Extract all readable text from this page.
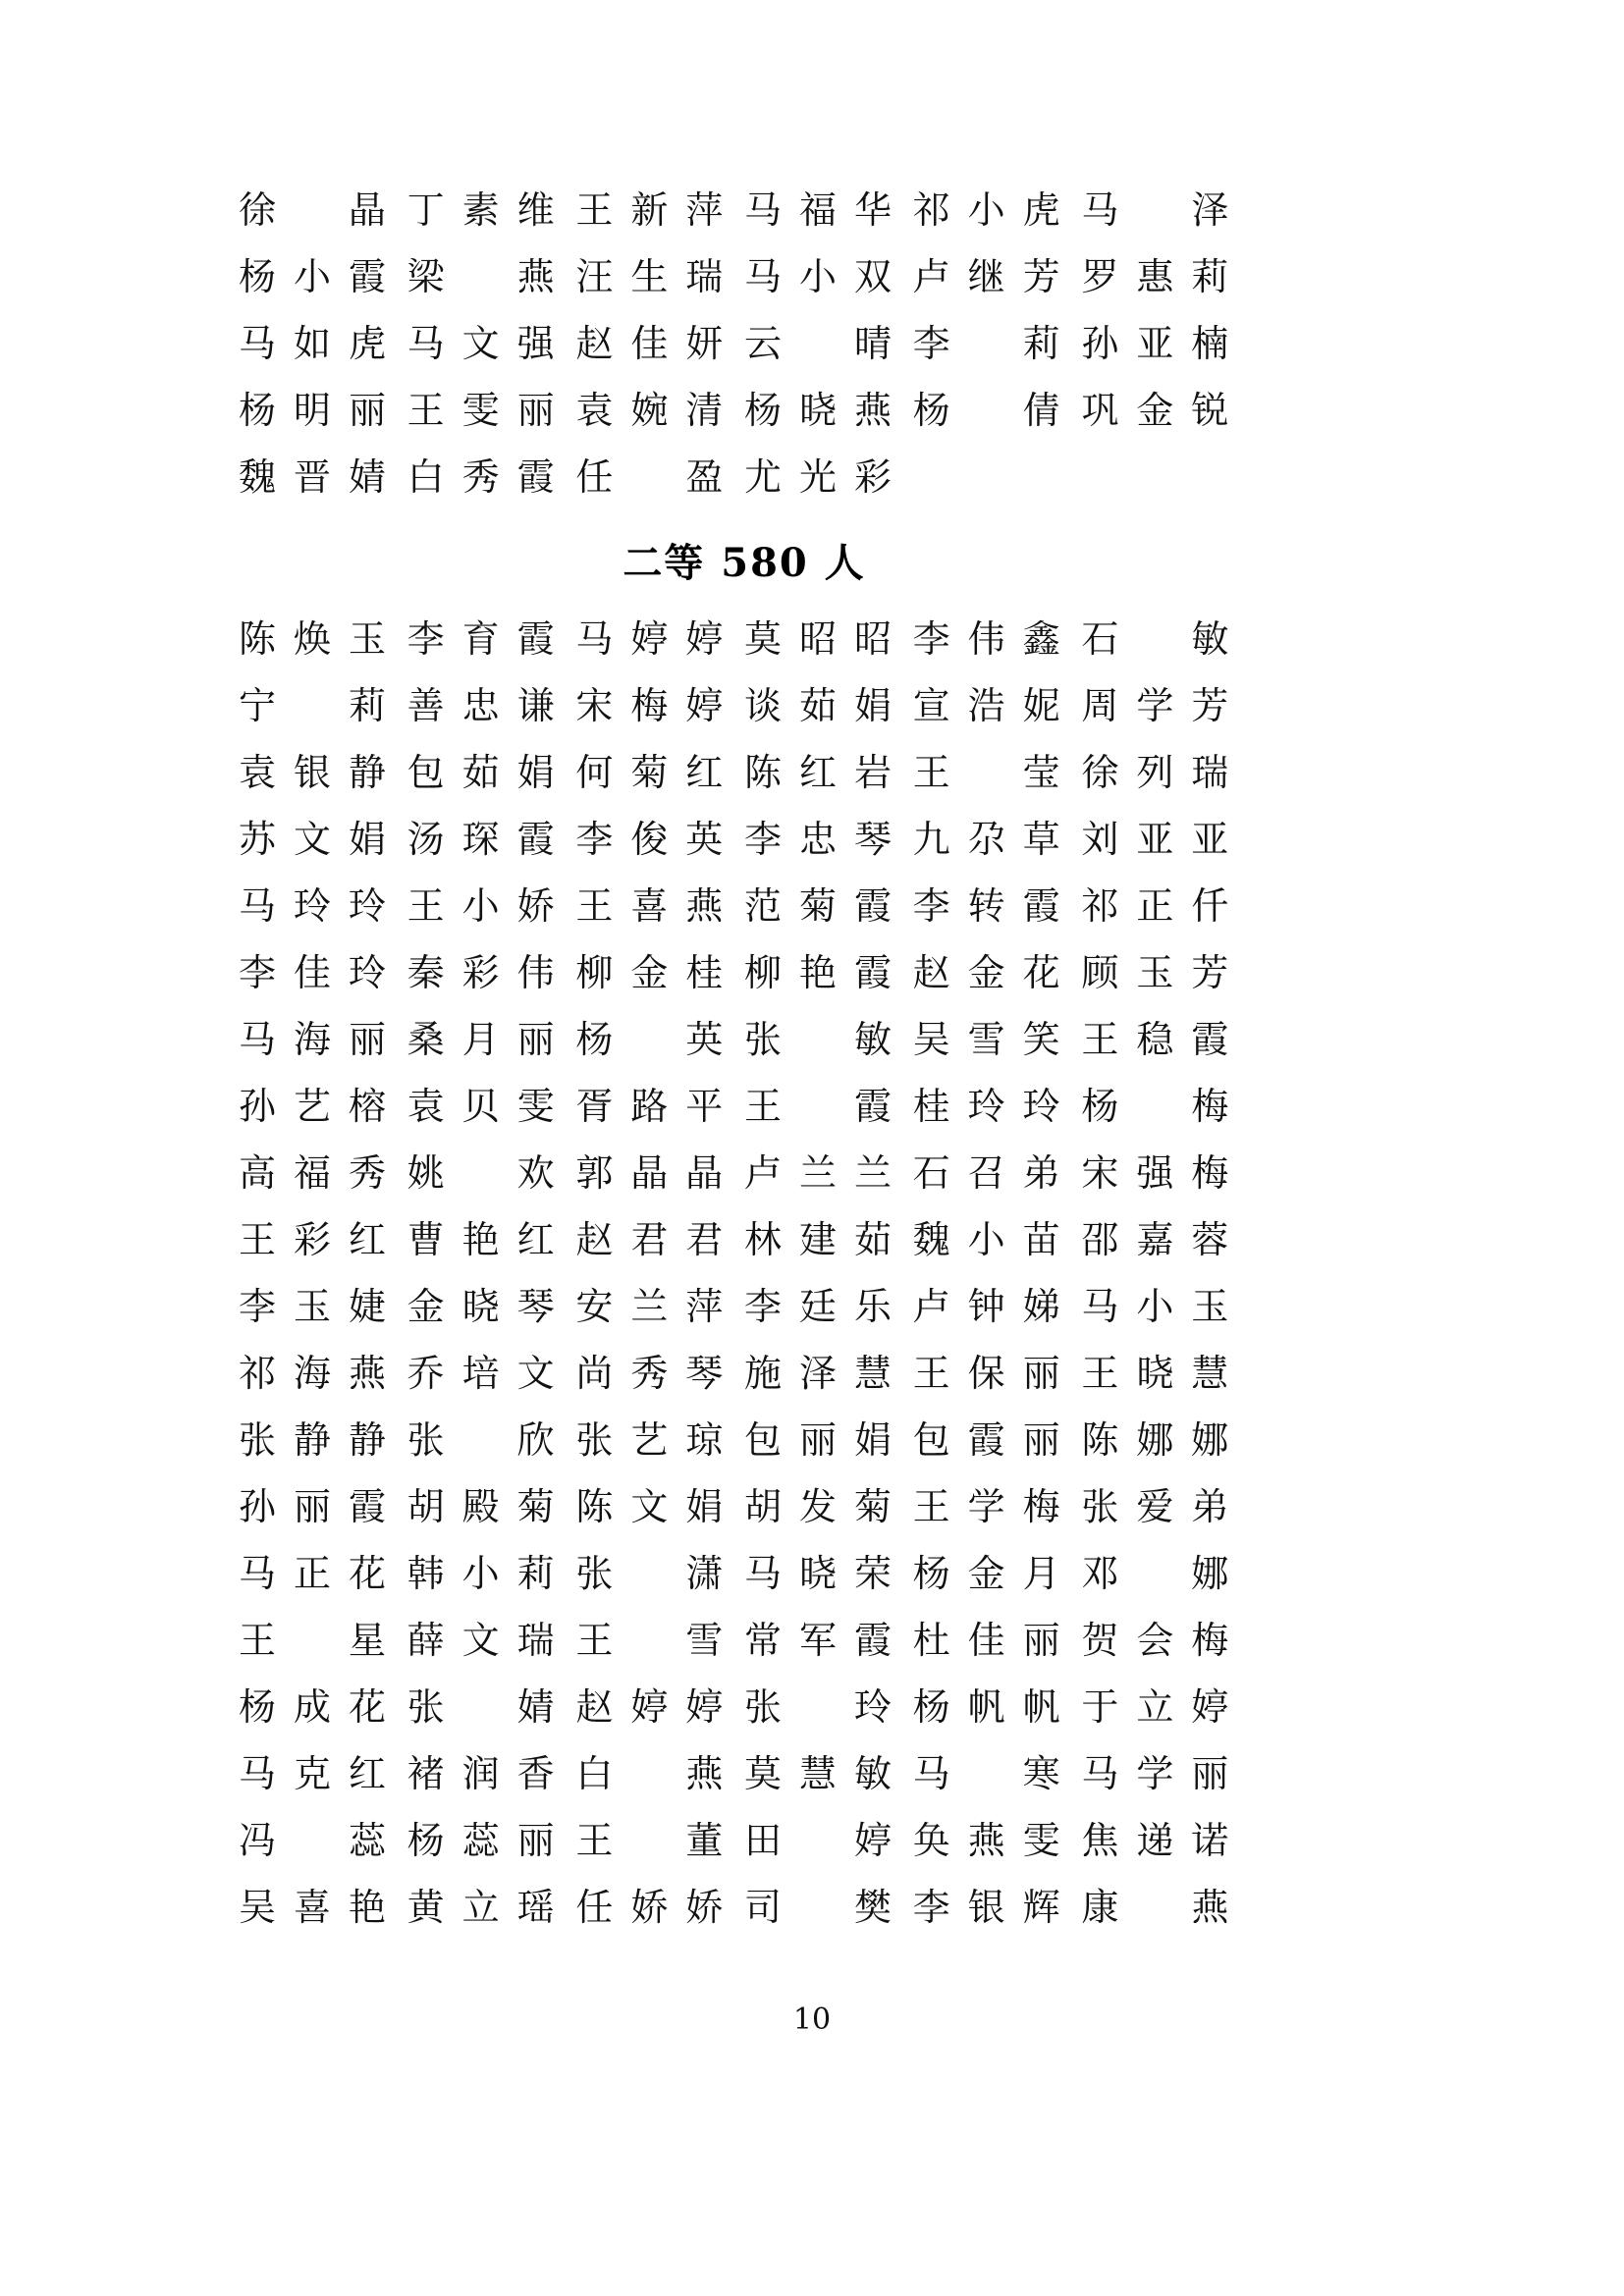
徐 晶 丁 素 维 王 新 萍 马 福 华 祁 小 虎 马 泽
杨 小 霞 梁 燕 汪 生 瑞 马 小 双 卢 继 芳 罗 惠 莉
马 如 虎 马 文 强 赵 佳 妍 云 晴 李 莉 孙 亚 楠
杨 明 丽 王 雯 丽 袁 婉 清 杨 晓 燕 杨 倩 巩 金 锐
魏 晋 婧 白 秀 霞 任 盈 尤 光 彩
二等 580 人
陈 焕 玉 李 育 霞 马 婷 婷 莫 昭 昭 李 伟 鑫 石 敏
宁 莉 善 忠 谦 宋 梅 婷 谈 茹 娟 宣 浩 妮 周 学 芳
袁 银 静 包 茹 娟 何 菊 红 陈 红 岩 王 莹 徐 列 瑞
苏 文 娟 汤 琛 霞 李 俊 英 李 忠 琴 九 尕 草 刘 亚 亚
马 玲 玲 王 小 娇 王 喜 燕 范 菊 霞 李 转 霞 祁 正 仟
李 佳 玲 秦 彩 伟 柳 金 桂 柳 艳 霞 赵 金 花 顾 玉 芳
马 海 丽 桑 月 丽 杨 英 张 敏 吴 雪 笑 王 稳 霞
孙 艺 榕 袁 贝 雯 胥 路 平 王 霞 桂 玲 玲 杨 梅
高 福 秀 姚 欢 郭 晶 晶 卢 兰 兰 石 召 弟 宋 强 梅
王 彩 红 曹 艳 红 赵 君 君 林 建 茹 魏 小 苗 邵 嘉 蓉
李 玉 婕 金 晓 琴 安 兰 萍 李 廷 乐 卢 钟 娣 马 小 玉
祁 海 燕 乔 培 文 尚 秀 琴 施 泽 慧 王 保 丽 王 晓 慧
张 静 静 张 欣 张 艺 琼 包 丽 娟 包 霞 丽 陈 娜 娜
孙 丽 霞 胡 殿 菊 陈 文 娟 胡 发 菊 王 学 梅 张 爱 弟
马 正 花 韩 小 莉 张 潇 马 晓 荣 杨 金 月 邓 娜
王 星 薛 文 瑞 王 雪 常 军 霞 杜 佳 丽 贺 会 梅
杨 成 花 张 婧 赵 婷 婷 张 玲 杨 帆 帆 于 立 婷
马 克 红 褚 润 香 白 燕 莫 慧 敏 马 寒 马 学 丽
冯 蕊 杨 蕊 丽 王 董 田 婷 奂 燕 雯 焦 递 诺
吴 喜 艳 黄 立 瑶 任 娇 娇 司 樊 李 银 辉 康 燕
10
